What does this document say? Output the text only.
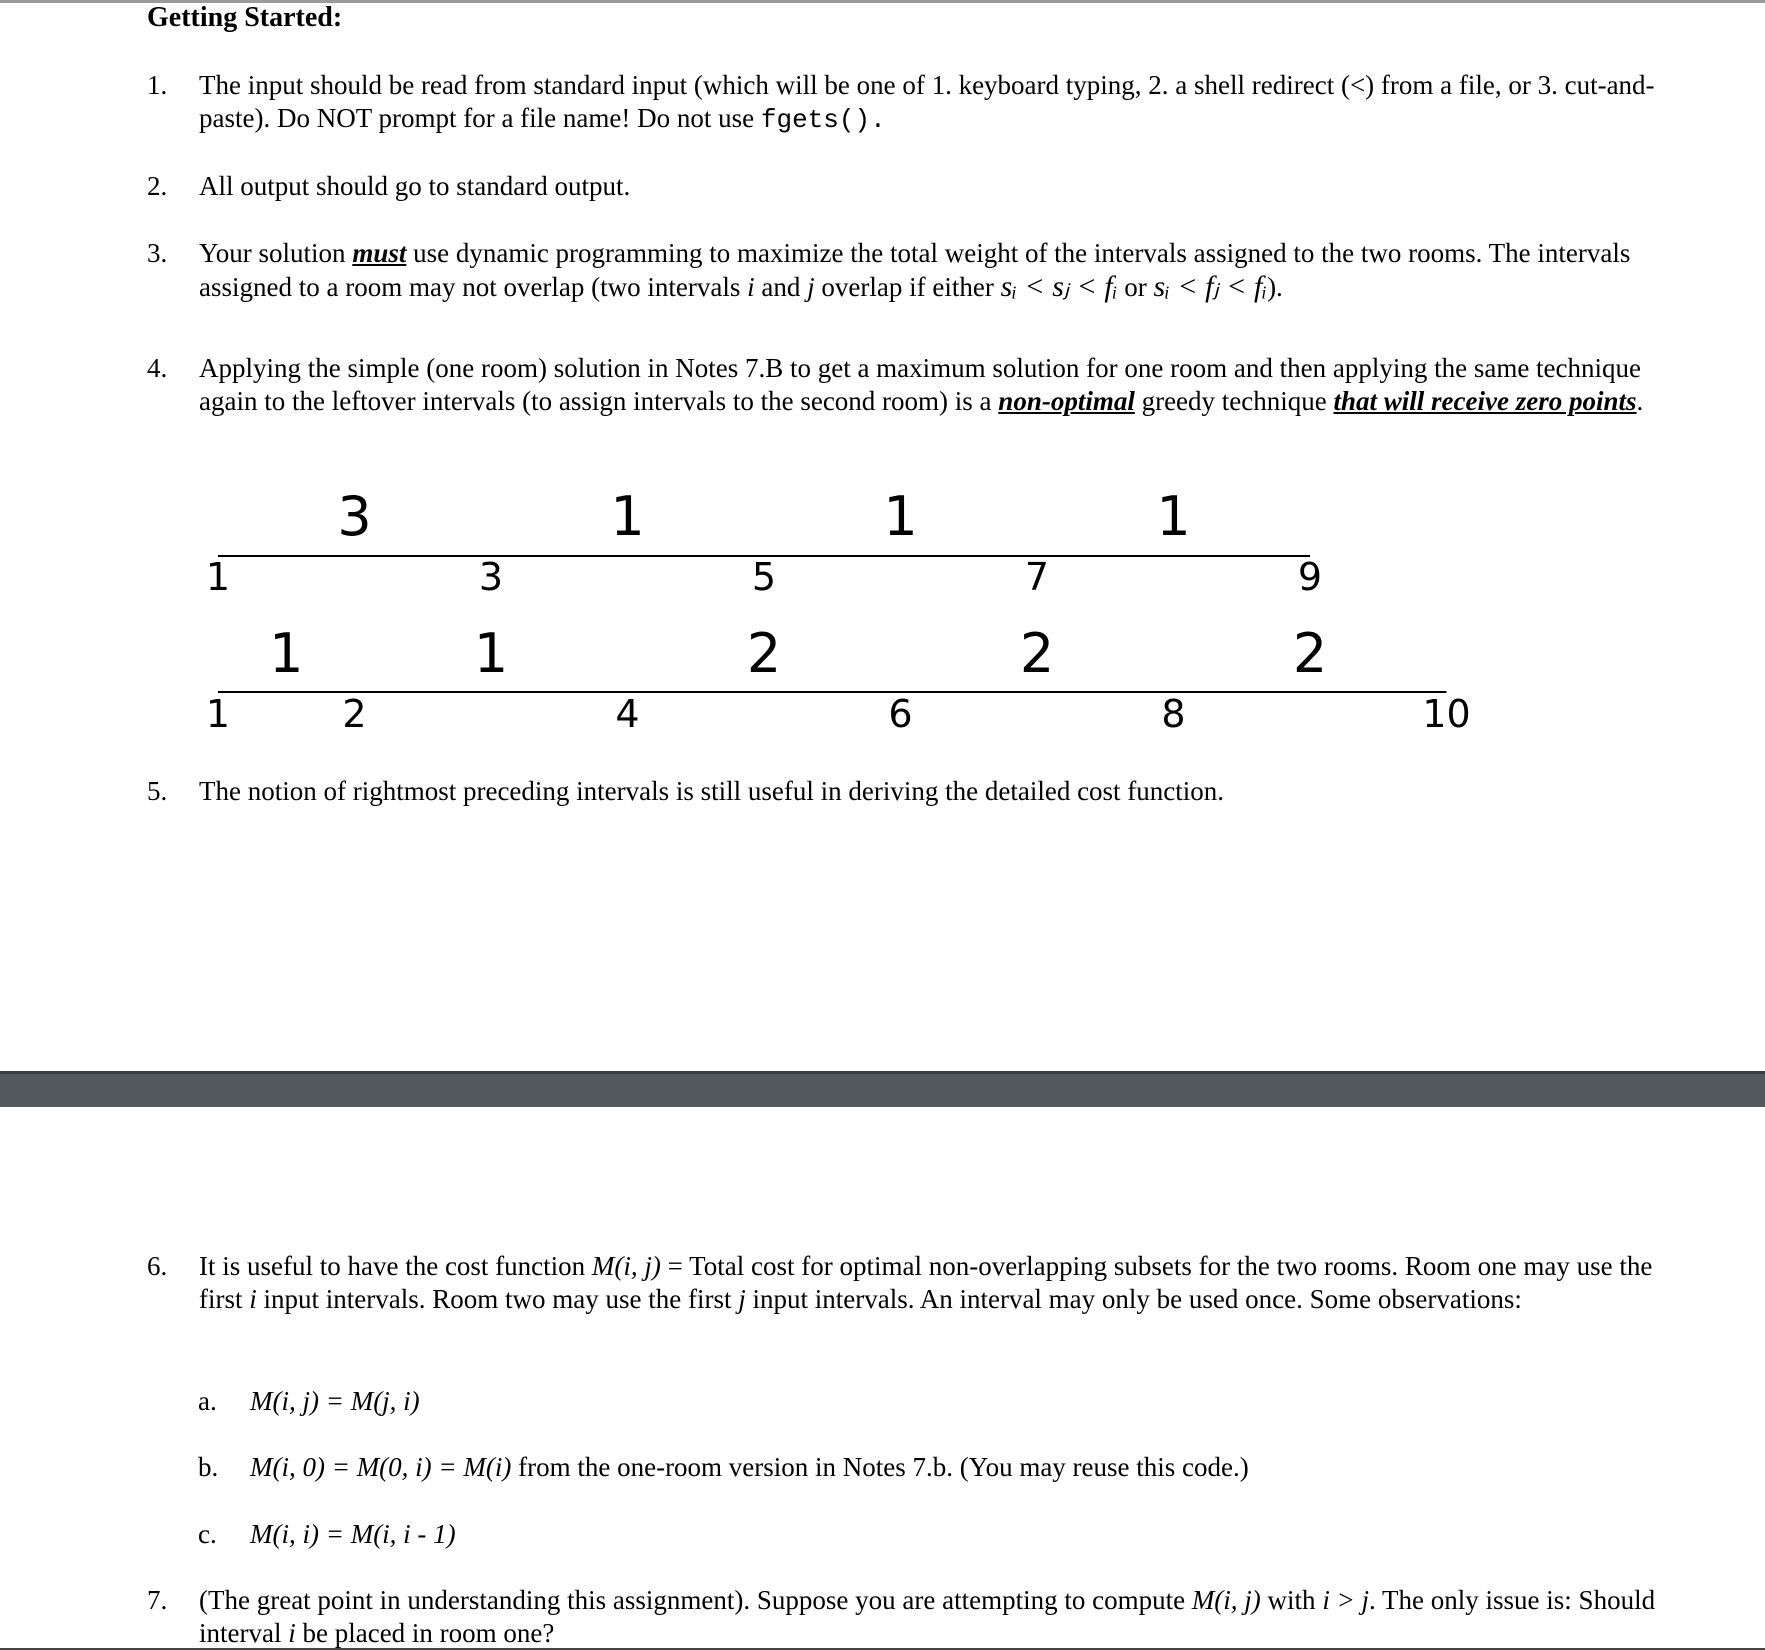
Getting Started:
1. The input should be read from standard input (which will be one of 1. keyboard typing, 2. a shell redirect (<) from a file, or 3. cut-and-paste). Do NOT prompt for a file name! Do not use fgets().
2. All output should go to standard output.
3. Your solution must use dynamic programming to maximize the total weight of the intervals assigned to the two rooms. The intervals assigned to a room may not overlap (two intervals i and j overlap if either sᵢ < sⱼ < fᵢ or sᵢ < fⱼ < fᵢ).
4. Applying the simple (one room) solution in Notes 7.B to get a maximum solution for one room and then applying the same technique again to the leftover intervals (to assign intervals to the second room) is a non-optimal greedy technique that will receive zero points.
3	1	1	1
1	3	5	7	9
1	1	2	2	2
1	2	4	6	8	10
5. The notion of rightmost preceding intervals is still useful in deriving the detailed cost function.
6. It is useful to have the cost function M(i, j) = Total cost for optimal non-overlapping subsets for the two rooms. Room one may use the first i input intervals. Room two may use the first j input intervals. An interval may only be used once. Some observations:
a. M(i, j) = M(j, i)
b. M(i, 0) = M(0, i) = M(i) from the one-room version in Notes 7.b. (You may reuse this code.)
c. M(i, i) = M(i, i - 1)
7. (The great point in understanding this assignment). Suppose you are attempting to compute M(i, j) with i > j. The only issue is: Should interval i be placed in room one?
